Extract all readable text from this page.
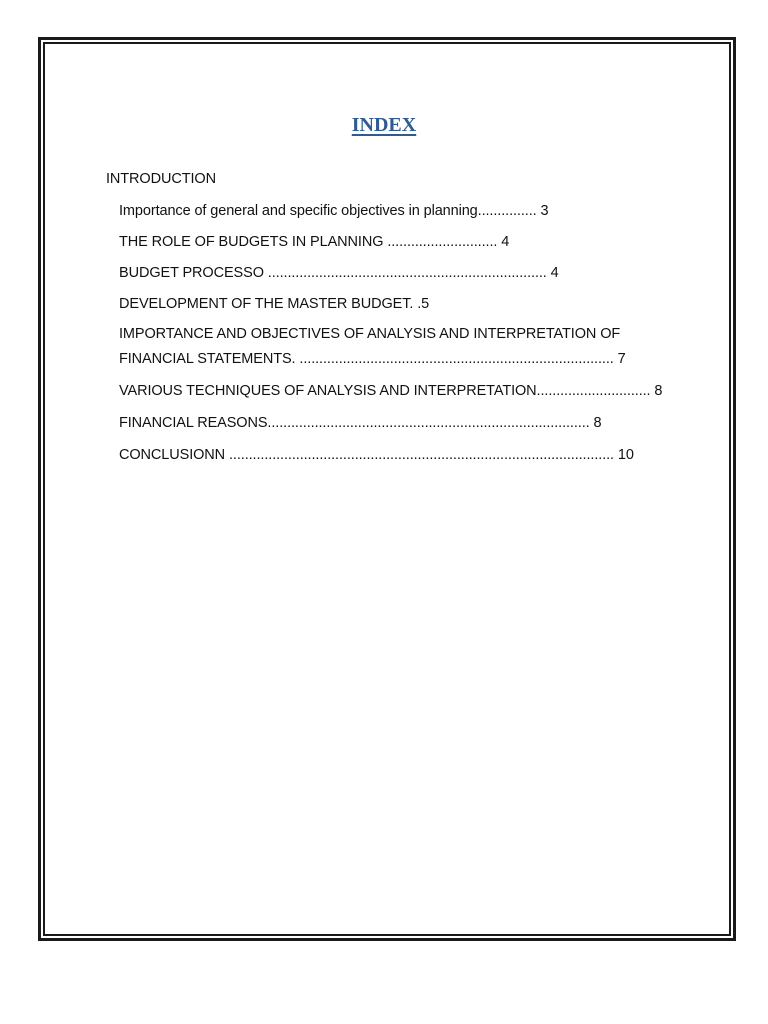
INDEX
INTRODUCTION
Importance of general and specific objectives in planning............... 3
THE ROLE OF BUDGETS IN PLANNING ............................ 4
BUDGET PROCESSO ....................................................................... 4
DEVELOPMENT OF THE MASTER BUDGET. .5
IMPORTANCE AND OBJECTIVES OF ANALYSIS AND INTERPRETATION OF
FINANCIAL STATEMENTS. ................................................................................ 7
VARIOUS TECHNIQUES OF ANALYSIS AND INTERPRETATION............................. 8
FINANCIAL REASONS.................................................................................. 8
CONCLUSIONN .................................................................................................. 10
